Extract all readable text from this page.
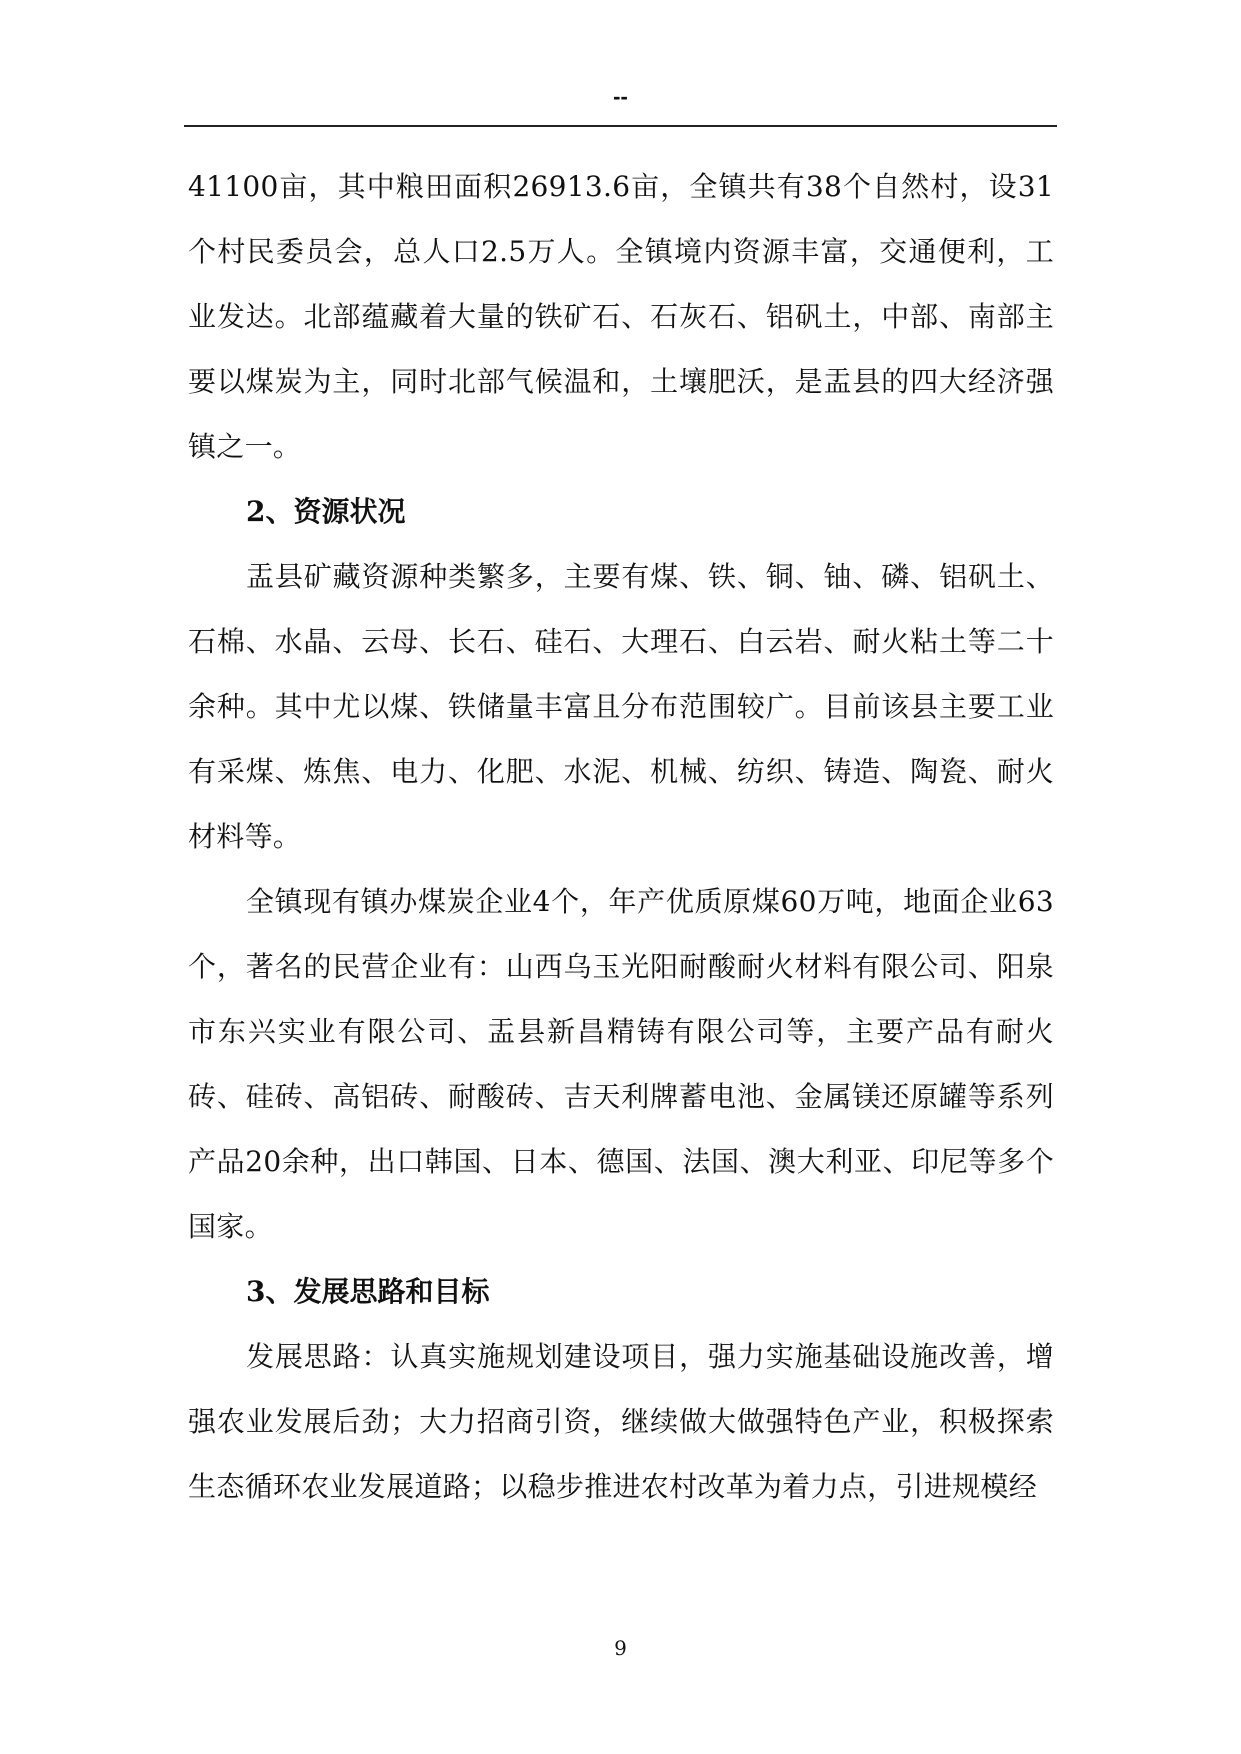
--

41100亩，其中粮田面积26913.6亩，全镇共有38个自然村，设31个村民委员会，总人口2.5万人。全镇境内资源丰富，交通便利，工业发达。北部蕴藏着大量的铁矿石、石灰石、铝矾土，中部、南部主要以煤炭为主，同时北部气候温和，土壤肥沃，是盂县的四大经济强镇之一。

2、资源状况

盂县矿藏资源种类繁多，主要有煤、铁、铜、铀、磷、铝矾土、石棉、水晶、云母、长石、硅石、大理石、白云岩、耐火粘土等二十余种。其中尤以煤、铁储量丰富且分布范围较广。目前该县主要工业有采煤、炼焦、电力、化肥、水泥、机械、纺织、铸造、陶瓷、耐火材料等。

全镇现有镇办煤炭企业4个，年产优质原煤60万吨，地面企业63个，著名的民营企业有：山西乌玉光阳耐酸耐火材料有限公司、阳泉市东兴实业有限公司、盂县新昌精铸有限公司等，主要产品有耐火砖、硅砖、高铝砖、耐酸砖、吉天利牌蓄电池、金属镁还原罐等系列产品20余种，出口韩国、日本、德国、法国、澳大利亚、印尼等多个国家。

3、发展思路和目标

发展思路：认真实施规划建设项目，强力实施基础设施改善，增强农业发展后劲；大力招商引资，继续做大做强特色产业，积极探索生态循环农业发展道路；以稳步推进农村改革为着力点，引进规模经

9
